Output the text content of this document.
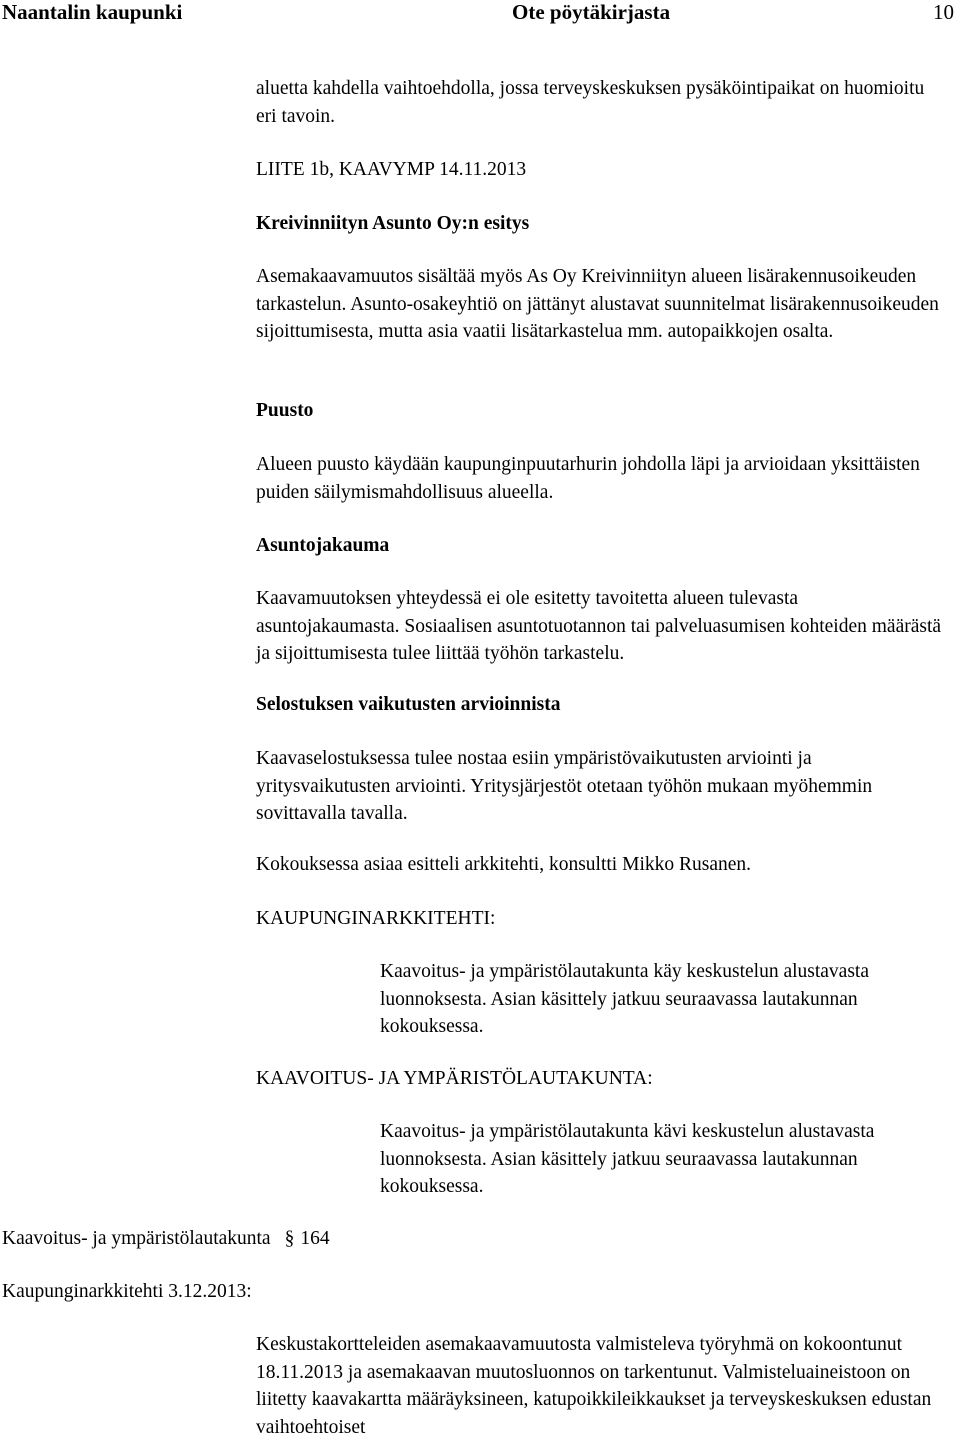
Naantalin kaupunki	Ote pöytäkirjasta	10

aluetta kahdella vaihtoehdolla, jossa terveyskeskuksen pysäköintipaikat on huomioitu eri tavoin.

LIITE 1b, KAAVYMP 14.11.2013

Kreivinniityn Asunto Oy:n esitys

Asemakaavamuutos sisältää myös As Oy Kreivinniityn alueen lisärakennusoikeuden tarkastelun. Asunto-osakeyhtiö on jättänyt alustavat suunnitelmat lisärakennusoikeuden sijoittumisesta, mutta asia vaatii lisätarkastelua mm. autopaikkojen osalta.

Puusto

Alueen puusto käydään kaupunginpuutarhurin johdolla läpi ja arvioidaan yksittäisten puiden säilymismahdollisuus alueella.

Asuntojakauma

Kaavamuutoksen yhteydessä ei ole esitetty tavoitetta alueen tulevasta asuntojakaumasta. Sosiaalisen asuntotuotannon tai palveluasumisen kohteiden määrästä ja sijoittumisesta tulee liittää työhön tarkastelu.

Selostuksen vaikutusten arvioinnista

Kaavaselostuksessa tulee nostaa esiin ympäristövaikutusten arviointi ja yritysvaikutusten arviointi. Yritysjärjestöt otetaan työhön mukaan myöhemmin sovittavalla tavalla.

Kokouksessa asiaa esitteli arkkitehti, konsultti Mikko Rusanen.

KAUPUNGINARKKITEHTI:

Kaavoitus- ja ympäristölautakunta käy keskustelun alustavasta luonnoksesta. Asian käsittely jatkuu seuraavassa lautakunnan kokouksessa.

KAAVOITUS- JA YMPÄRISTÖLAUTAKUNTA:

Kaavoitus- ja ympäristölautakunta kävi keskustelun alustavasta luonnoksesta. Asian käsittely jatkuu seuraavassa lautakunnan kokouksessa.

Kaavoitus- ja ympäristölautakunta § 164
Kaupunginarkkitehti 3.12.2013:

Keskustakortteleiden asemakaavamuutosta valmisteleva työryhmä on kokoontunut 18.11.2013 ja asemakaavan muutosluonnos on tarkentunut. Valmisteluaineistoon on liitetty kaavakartta määräyksineen, katupoikkileikkaukset ja terveyskeskuksen edustan vaihtoehtoiset
